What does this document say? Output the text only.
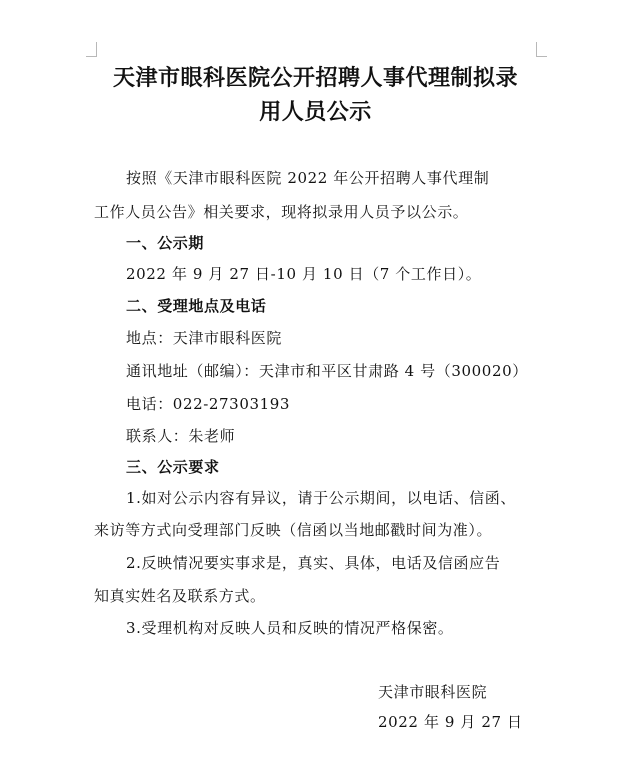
天津市眼科医院公开招聘人事代理制拟录
用人员公示
按照《天津市眼科医院 2022 年公开招聘人事代理制
工作人员公告》相关要求，现将拟录用人员予以公示。
一、公示期
2022 年 9 月 27 日-10 月 10 日（7 个工作日）。
二、受理地点及电话
地点：天津市眼科医院
通讯地址（邮编）：天津市和平区甘肃路 4 号（300020）
电话：022-27303193
联系人：朱老师
三、公示要求
1.如对公示内容有异议，请于公示期间，以电话、信函、
来访等方式向受理部门反映（信函以当地邮戳时间为准）。
2.反映情况要实事求是，真实、具体，电话及信函应告
知真实姓名及联系方式。
3.受理机构对反映人员和反映的情况严格保密。
天津市眼科医院
2022 年 9 月 27 日
